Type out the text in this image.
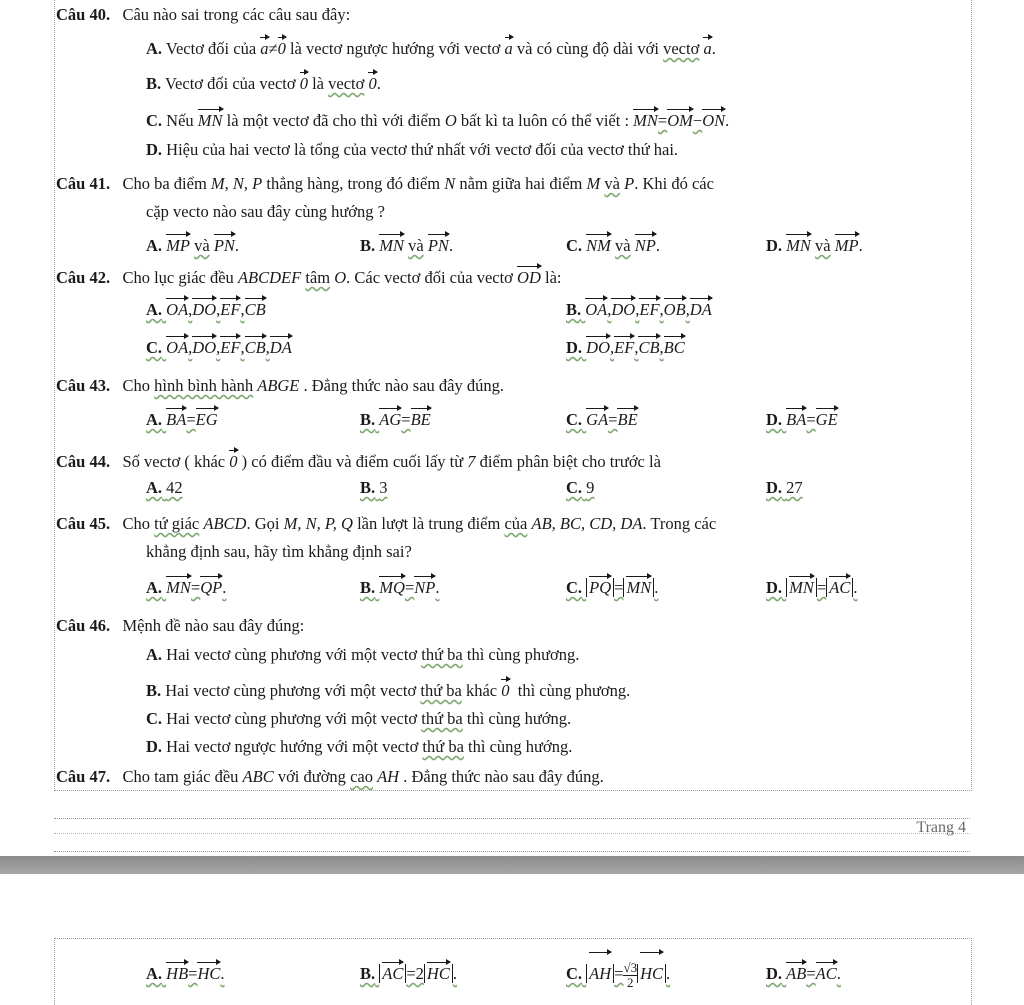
Câu 40. Câu nào sai trong các câu sau đây:
A. Vectơ đối của a≠0 là vectơ ngược hướng với vectơ a và có cùng độ dài với vectơ a.
B. Vectơ đối của vectơ 0 là vectơ 0.
C. Nếu MN là một vectơ đã cho thì với điểm O bất kì ta luôn có thể viết : MN=OM−ON.
D. Hiệu của hai vectơ là tổng của vectơ thứ nhất với vectơ đối của vectơ thứ hai.
Câu 41. Cho ba điểm M, N, P thẳng hàng, trong đó điểm N nằm giữa hai điểm M và P. Khi đó các
cặp vecto nào sau đây cùng hướng ?
A. MP và PN.	B. MN và PN.	C. NM và NP.	D. MN và MP.
Câu 42. Cho lục giác đều ABCDEF tâm O. Các vectơ đối của vectơ OD là:
A. OA,DO,EF,CB	B. OA,DO,EF,OB,DA
C. OA,DO,EF,CB,DA	D. DO,EF,CB,BC
Câu 43. Cho hình bình hành ABGE . Đẳng thức nào sau đây đúng.
A. BA=EG	B. AG=BE	C. GA=BE	D. BA=GE
Câu 44. Số vectơ ( khác 0 ) có điểm đầu và điểm cuối lấy từ 7 điểm phân biệt cho trước là
A. 42	B. 3	C. 9	D. 27
Câu 45. Cho tứ giác ABCD. Gọi M, N, P, Q lần lượt là trung điểm của AB, BC, CD, DA. Trong các
khẳng định sau, hãy tìm khẳng định sai?
A. MN=QP.	B. MQ=NP.	C. PQ = MN .	D. MN = AC .
Câu 46. Mệnh đề nào sau đây đúng:
A. Hai vectơ cùng phương với một vectơ thứ ba thì cùng phương.
B. Hai vectơ cùng phương với một vectơ thứ ba khác 0 thì cùng phương.
C. Hai vectơ cùng phương với một vectơ thứ ba thì cùng hướng.
D. Hai vectơ ngược hướng với một vectơ thứ ba thì cùng hướng.
Câu 47. Cho tam giác đều ABC với đường cao AH . Đẳng thức nào sau đây đúng.
Trang 4
A. HB=HC.	B. AC =2 HC .	C. AH = $\frac{√3}{2}$ HC .	D. AB=AC.
